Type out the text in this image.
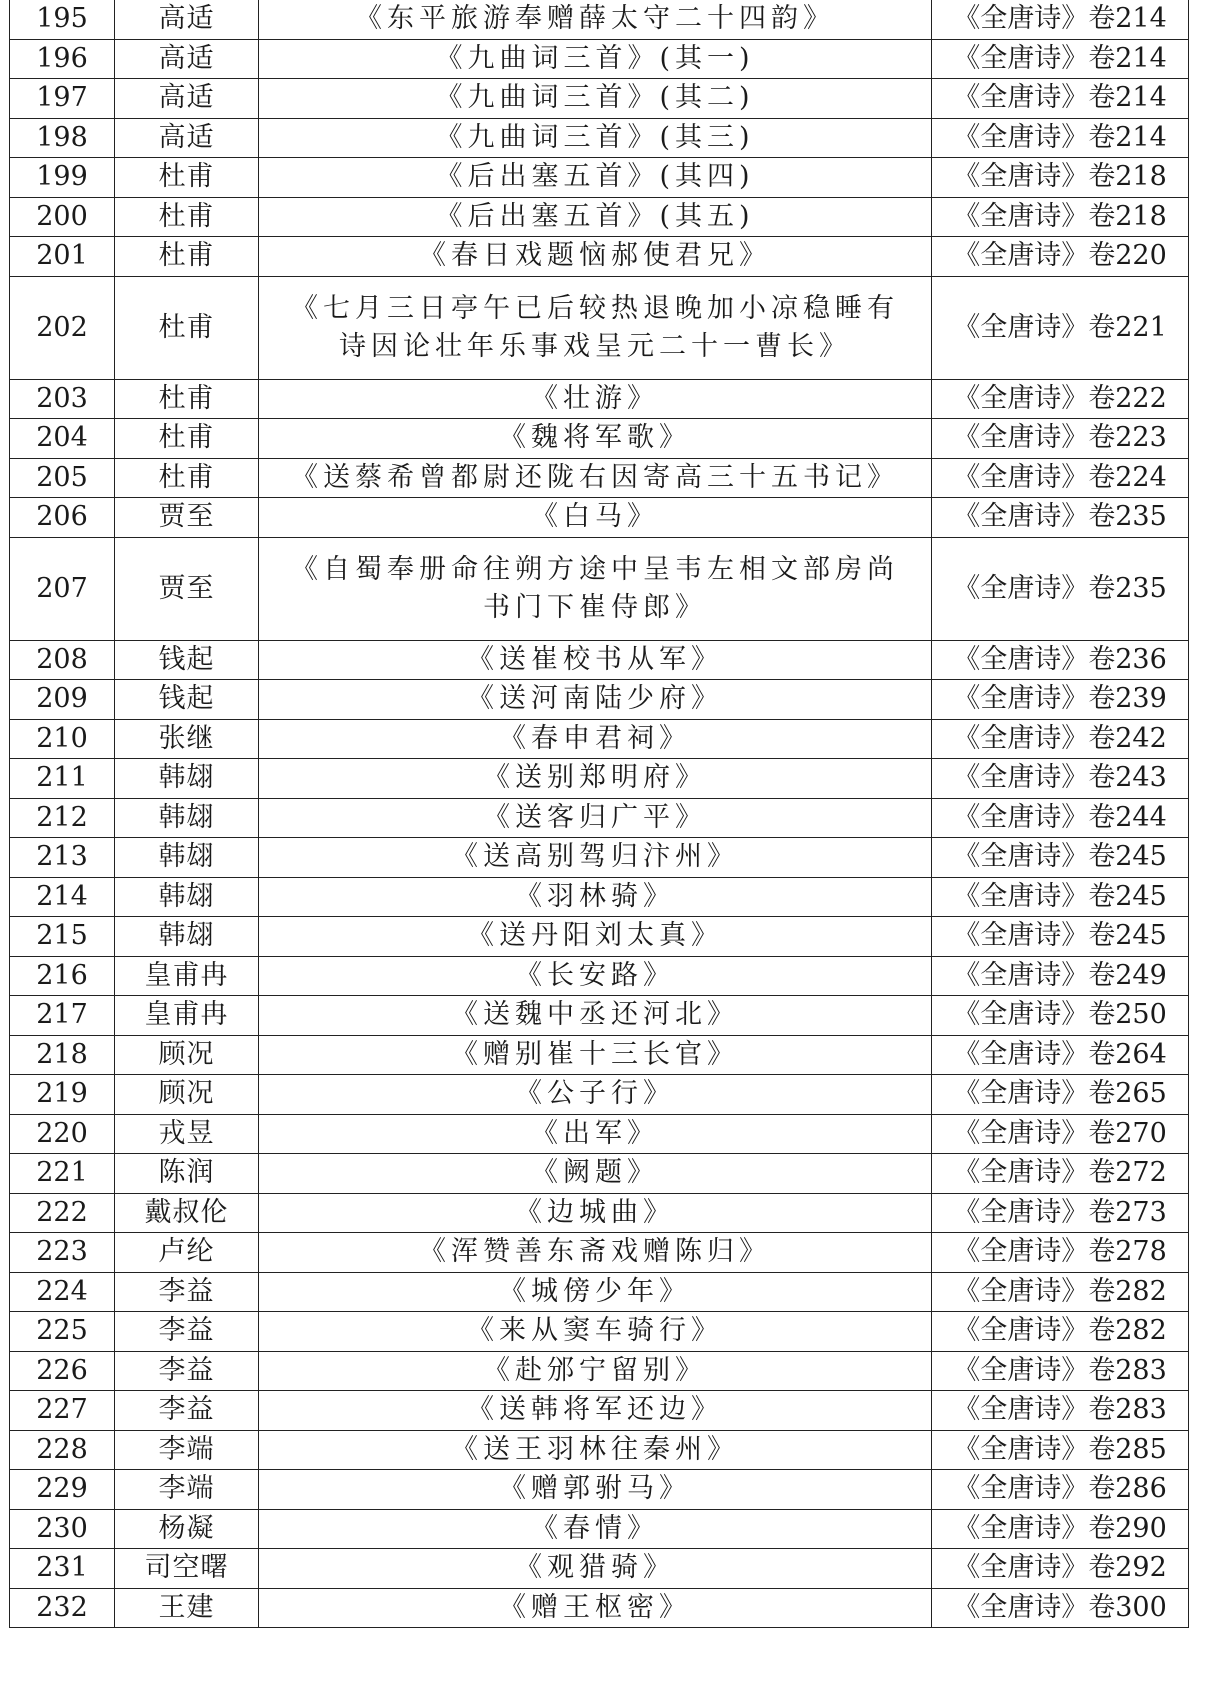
195	高适	《东平旅游奉赠薛太守二十四韵》	《全唐诗》卷214
196	高适	《九曲词三首》(其一)	《全唐诗》卷214
197	高适	《九曲词三首》(其二)	《全唐诗》卷214
198	高适	《九曲词三首》(其三)	《全唐诗》卷214
199	杜甫	《后出塞五首》(其四)	《全唐诗》卷218
200	杜甫	《后出塞五首》(其五)	《全唐诗》卷218
201	杜甫	《春日戏题恼郝使君兄》	《全唐诗》卷220
202	杜甫	《七月三日亭午已后较热退晚加小凉稳睡有诗因论壮年乐事戏呈元二十一曹长》	《全唐诗》卷221
203	杜甫	《壮游》	《全唐诗》卷222
204	杜甫	《魏将军歌》	《全唐诗》卷223
205	杜甫	《送蔡希曾都尉还陇右因寄高三十五书记》	《全唐诗》卷224
206	贾至	《白马》	《全唐诗》卷235
207	贾至	《自蜀奉册命往朔方途中呈韦左相文部房尚书门下崔侍郎》	《全唐诗》卷235
208	钱起	《送崔校书从军》	《全唐诗》卷236
209	钱起	《送河南陆少府》	《全唐诗》卷239
210	张继	《春申君祠》	《全唐诗》卷242
211	韩翃	《送别郑明府》	《全唐诗》卷243
212	韩翃	《送客归广平》	《全唐诗》卷244
213	韩翃	《送高别驾归汴州》	《全唐诗》卷245
214	韩翃	《羽林骑》	《全唐诗》卷245
215	韩翃	《送丹阳刘太真》	《全唐诗》卷245
216	皇甫冉	《长安路》	《全唐诗》卷249
217	皇甫冉	《送魏中丞还河北》	《全唐诗》卷250
218	顾况	《赠别崔十三长官》	《全唐诗》卷264
219	顾况	《公子行》	《全唐诗》卷265
220	戎昱	《出军》	《全唐诗》卷270
221	陈润	《阙题》	《全唐诗》卷272
222	戴叔伦	《边城曲》	《全唐诗》卷273
223	卢纶	《浑赞善东斋戏赠陈归》	《全唐诗》卷278
224	李益	《城傍少年》	《全唐诗》卷282
225	李益	《来从窦车骑行》	《全唐诗》卷282
226	李益	《赴邠宁留别》	《全唐诗》卷283
227	李益	《送韩将军还边》	《全唐诗》卷283
228	李端	《送王羽林往秦州》	《全唐诗》卷285
229	李端	《赠郭驸马》	《全唐诗》卷286
230	杨凝	《春情》	《全唐诗》卷290
231	司空曙	《观猎骑》	《全唐诗》卷292
232	王建	《赠王枢密》	《全唐诗》卷300
